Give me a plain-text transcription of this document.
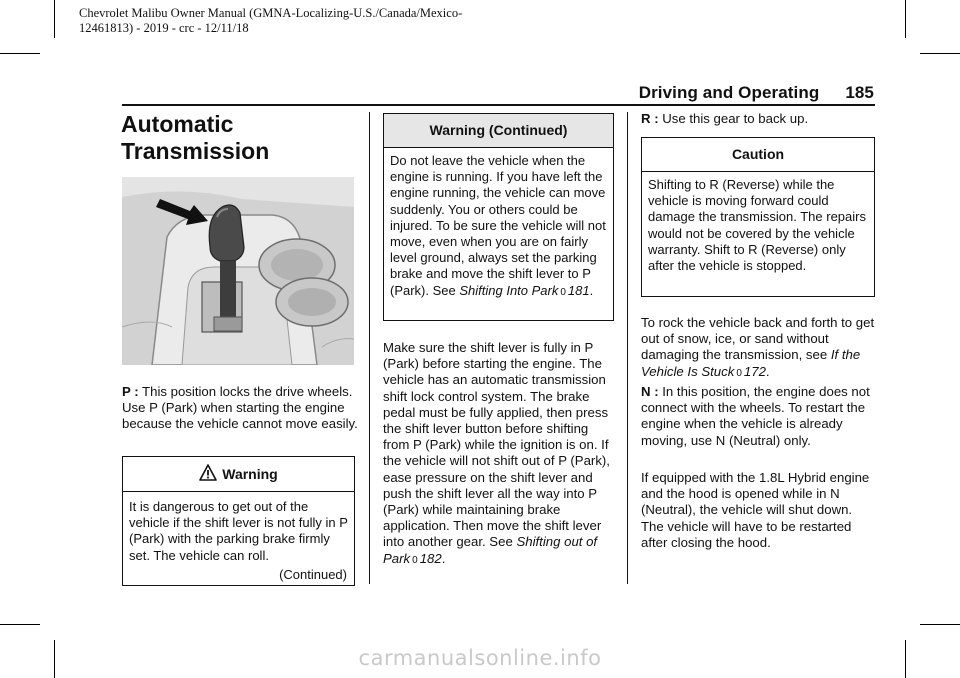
Chevrolet Malibu Owner Manual (GMNA-Localizing-U.S./Canada/Mexico-
12461813) - 2019 - crc - 12/11/18
Driving and Operating 185
Automatic
Transmission
P : This position locks the drive wheels. Use P (Park) when starting the engine because the vehicle cannot move easily.
Warning
It is dangerous to get out of the vehicle if the shift lever is not fully in P (Park) with the parking brake firmly set. The vehicle can roll.
(Continued)
Warning (Continued)
Do not leave the vehicle when the engine is running. If you have left the engine running, the vehicle can move suddenly. You or others could be injured. To be sure the vehicle will not move, even when you are on fairly level ground, always set the parking brake and move the shift lever to P (Park). See Shifting Into Park 0 181.
Make sure the shift lever is fully in P (Park) before starting the engine. The vehicle has an automatic transmission shift lock control system. The brake pedal must be fully applied, then press the shift lever button before shifting from P (Park) while the ignition is on. If the vehicle will not shift out of P (Park), ease pressure on the shift lever and push the shift lever all the way into P (Park) while maintaining brake application. Then move the shift lever into another gear. See Shifting out of Park 0 182.
R : Use this gear to back up.
Caution
Shifting to R (Reverse) while the vehicle is moving forward could damage the transmission. The repairs would not be covered by the vehicle warranty. Shift to R (Reverse) only after the vehicle is stopped.
To rock the vehicle back and forth to get out of snow, ice, or sand without damaging the transmission, see If the Vehicle Is Stuck 0 172.
N : In this position, the engine does not connect with the wheels. To restart the engine when the vehicle is already moving, use N (Neutral) only.
If equipped with the 1.8L Hybrid engine and the hood is opened while in N (Neutral), the vehicle will shut down. The vehicle will have to be restarted after closing the hood.
carmanualsonline.info
